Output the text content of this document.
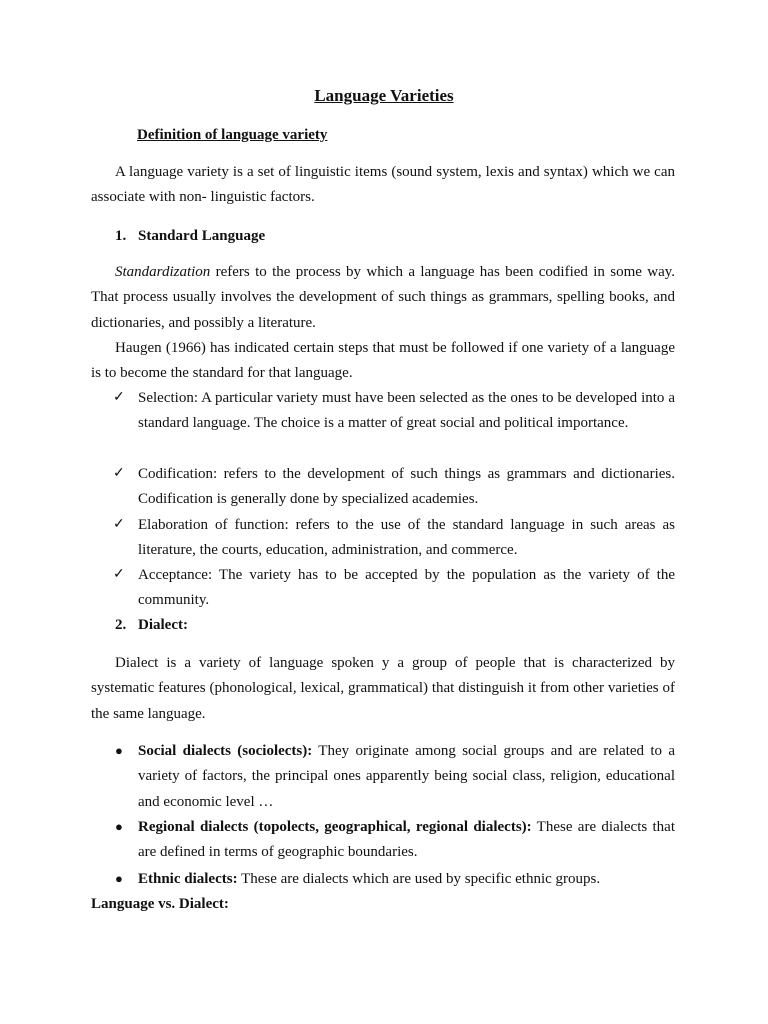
Language Varieties
Definition of language variety
A language variety is a set of linguistic items (sound system, lexis and syntax) which we can associate with non- linguistic factors.
1. Standard Language
Standardization refers to the process by which a language has been codified in some way. That process usually involves the development of such things as grammars, spelling books, and dictionaries, and possibly a literature.
Haugen (1966) has indicated certain steps that must be followed if one variety of a language is to become the standard for that language.
✓ Selection: A particular variety must have been selected as the ones to be developed into a standard language. The choice is a matter of great social and political importance.
✓ Codification: refers to the development of such things as grammars and dictionaries. Codification is generally done by specialized academies.
✓ Elaboration of function: refers to the use of the standard language in such areas as literature, the courts, education, administration, and commerce.
✓ Acceptance: The variety has to be accepted by the population as the variety of the community.
2. Dialect:
Dialect is a variety of language spoken y a group of people that is characterized by systematic features (phonological, lexical, grammatical) that distinguish it from other varieties of the same language.
● Social dialects (sociolects): They originate among social groups and are related to a variety of factors, the principal ones apparently being social class, religion, educational and economic level …
● Regional dialects (topolects, geographical, regional dialects): These are dialects that are defined in terms of geographic boundaries.
● Ethnic dialects: These are dialects which are used by specific ethnic groups.
Language vs. Dialect:
